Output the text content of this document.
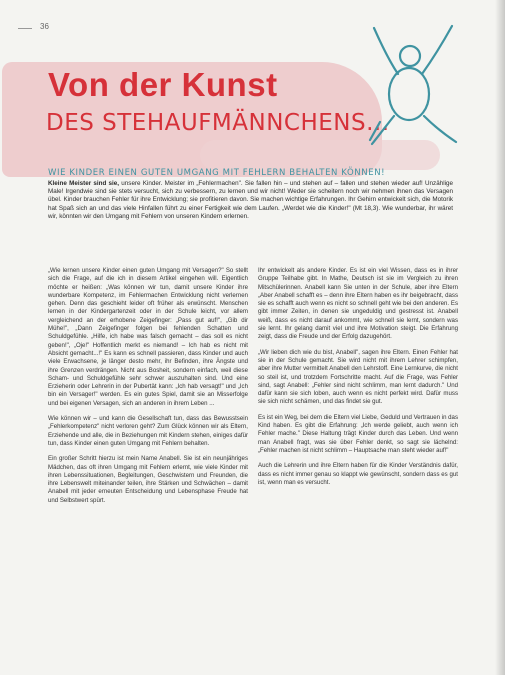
36
Von der Kunst
DES STEHAUFMÄNNCHENS...
WIE KINDER EINEN GUTEN UMGANG MIT FEHLERN BEHALTEN KÖNNEN!
Kleine Meister sind sie, unsere Kinder. Meister im „Fehlermachen". Sie fallen hin – und stehen auf – fallen und stehen wieder auf! Unzählige Male! Irgendwie sind sie stets versucht, sich zu verbessern, zu lernen und wir nicht! Weder sie scheitern noch wir nehmen ihnen das Versagen übel. Kinder brauchen Fehler für ihre Entwicklung; sie profitieren davon. Sie machen wichtige Erfahrungen. Ihr Gehirn entwickelt sich, die Motorik hat Spaß sich an und das viele Hinfallen führt zu einer Fertigkeit wie dem Laufen. „Werdet wie die Kinder!" (Mt 18,3). Wie wunderbar, ihr wäret wir, könnten wir den Umgang mit Fehlern von unseren Kindern erlernen.

„Wie lernen unsere Kinder einen guten Umgang mit Versagen?" So stellt sich die Frage, auf die ich in diesem Artikel eingehen will. Eigentlich möchte er heißen: „Was können wir tun, damit unsere Kinder ihre wunderbare Kompetenz, im Fehlermachen Entwicklung nicht verlernen gehen. Denn das geschieht leider oft früher als erwünscht. Menschen lernen in der Kindergartenzeit oder in der Schule leicht, vor allem vergleichend an der erhobene Zeigefinger: „Pass gut auf!", „Gib dir Mühe!", „Dann Zeigefinger folgen bei fehlenden Schatten und Schuldgefühle. „Hilfe, ich habe was falsch gemacht – das soll es nicht geben!", „Oje!" Hoffentlich merkt es niemand! – Ich hab es nicht mit Absicht gemacht...!" Es kann es schnell passieren, dass Kinder und auch viele Erwachsene, je länger desto mehr, ihr Befinden, ihre Ängste und ihre Grenzen verdrängen. Nicht aus Bosheit, sondern einfach, weil diese Scham- und Schuldgefühle sehr schwer auszuhalten sind. Und eine Erzieherin oder Lehrerin in der Pubertät kann: „Ich hab versagt!" und „Ich bin ein Versager!" werden. Es ein gutes Spiel, damit sie an Misserfolge und bei eigenen Versagen, sich an anderen in ihrem Leben ...

Wie können wir – und kann die Gesellschaft tun, dass das Bewusstsein „Fehlerkompetenz" nicht verloren geht? Zum Glück können wir als Eltern, Erziehende und alle, die in Beziehungen mit Kindern stehen, einiges dafür tun, dass Kinder einen guten Umgang mit Fehlern behalten.

Ein großer Schritt hierzu ist mein Name Anabell. Sie ist ein neunjähriges Mädchen, das oft ihren Umgang mit Fehlern erlernt, wie viele Kinder mit ihren Lebenssituationen, Begleitungen, Geschwistern und Freunden, die ihre Lebenswelt miteinander teilen, ihre Stärken und Schwächen – damit Anabell mit jeder erneuten Entscheidung und Lebensphase Freude hat und Selbstwert spürt.

Ihr entwickelt als andere Kinder. Es ist ein viel Wissen, dass es in ihrer Gruppe Teilhabe gibt. In Mathe, Deutsch ist sie im Vergleich zu ihren Mitschülerinnen. Anabell kann Sie unten in der Schule, aber ihre Eltern „Aber Anabell schafft es – denn ihre Eltern haben es ihr beigebracht, dass sie es schafft auch wenn es nicht so schnell geht wie bei den anderen. Es gibt immer Zeiten, in denen sie ungeduldig und gestresst ist. Anabell weiß, dass es nicht darauf ankommt, wie schnell sie lernt, sondern was sie lernt. Ihr gelang damit viel und ihre Motivation steigt. Die Erfahrung zeigt, dass die Freude und der Erfolg dazugehört.

„Wir lieben dich wie du bist, Anabell", sagen ihre Eltern. Einen Fehler hat sie in der Schule gemacht. Sie wird nicht mit ihrem Lehrer schimpfen, aber ihre Mutter vermittelt Anabell den Lehrstoff. Eine Lernkurve, die nicht so steil ist, und trotzdem Fortschritte macht. Auf die Frage, was Fehler sind, sagt Anabell: „Fehler sind nicht schlimm, man lernt dadurch." Und dafür kann sie sich loben, auch wenn es nicht perfekt wird. Dafür muss sie sich nicht schämen, und das findet sie gut.

Es ist ein Weg, bei dem die Eltern viel Liebe, Geduld und Vertrauen in das Kind haben. Es gibt die Erfahrung: „Ich werde geliebt, auch wenn ich Fehler mache." Diese Haltung trägt Kinder durch das Leben. Und wenn man Anabell fragt, was sie über Fehler denkt, so sagt sie lächelnd: „Fehler machen ist nicht schlimm – Hauptsache man steht wieder auf!"

Auch die Lehrerin und ihre Eltern haben für die Kinder Verständnis dafür, dass es nicht immer genau so klappt wie gewünscht, sondern dass es gut ist, wenn man es versucht.
